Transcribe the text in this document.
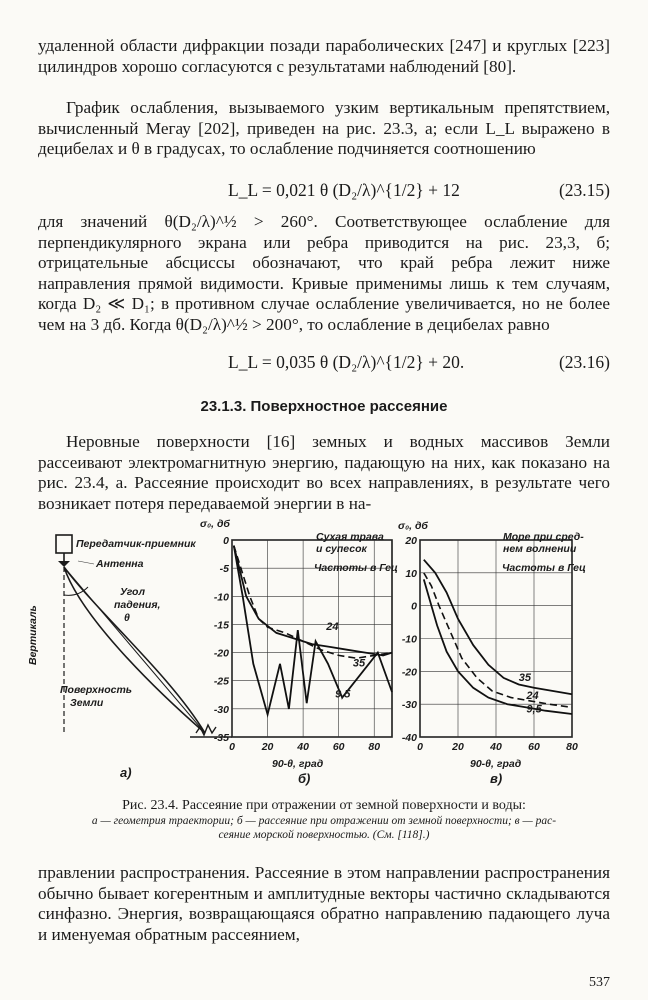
удаленной области дифракции позади параболических [247] и круглых [223] цилиндров хорошо согласуются с результатами наблюдений [80].

График ослабления, вызываемого узким вертикальным препятствием, вычисленный Мегау [202], приведен на рис. 23.3, а; если L_L выражено в децибелах и θ в градусах, то ослабление подчиняется соотношению

L_L = 0,021 θ (D₂/λ)^{1/2} + 12	(23.15)

для значений θ(D₂/λ)^½ > 260°. Соответствующее ослабление для перпендикулярного экрана или ребра приводится на рис. 23,3, б; отрицательные абсциссы обозначают, что край ребра лежит ниже направления прямой видимости. Кривые применимы лишь к тем случаям, когда D₂ ≪ D₁; в противном случае ослабление увеличивается, но не более чем на 3 дб. Когда θ(D₂/λ)^½ > 200°, то ослабление в децибелах равно

L_L = 0,035 θ (D₂/λ)^{1/2} + 20.	(23.16)
23.1.3. Поверхностное рассеяние

Неровные поверхности [16] земных и водных массивов Земли рассеивают электромагнитную энергию, падающую на них, как показано на рис. 23.4, а. Рассеяние происходит во всех направлениях, в результате чего возникает потеря передаваемой энергии в на-

Передатчик-приемник
Антенна
Вертикаль
Угол
падения,
θ
Поверхность
Земли
а)
0	20 40 60 80
0
-5
-10
-15
-20
-25
-30
-35
24
35
9,5
σ₀, дб
Сухая трава
и супесок
Частоты в Гец
90-θ, град
б)
0	20	40	60	80
20
10
0
-10
-20
-30
-40
35
24
9,5
σ₀, дб
Море при сред-
нем волнении
Частоты в Гец
90-θ, град
в)
Рис. 23.4. Рассеяние при отражении от земной поверхности и воды:
а — геометрия траектории; б — рассеяние при отражении от земной поверхности; в — рас-
сеяние морской поверхностью. (См. [118].)

правлении распространения. Рассеяние в этом направлении распространения обычно бывает когерентным и амплитудные векторы частично складываются синфазно. Энергия, возвращающаяся обратно направлению падающего луча и именуемая обратным рассеянием,

537
